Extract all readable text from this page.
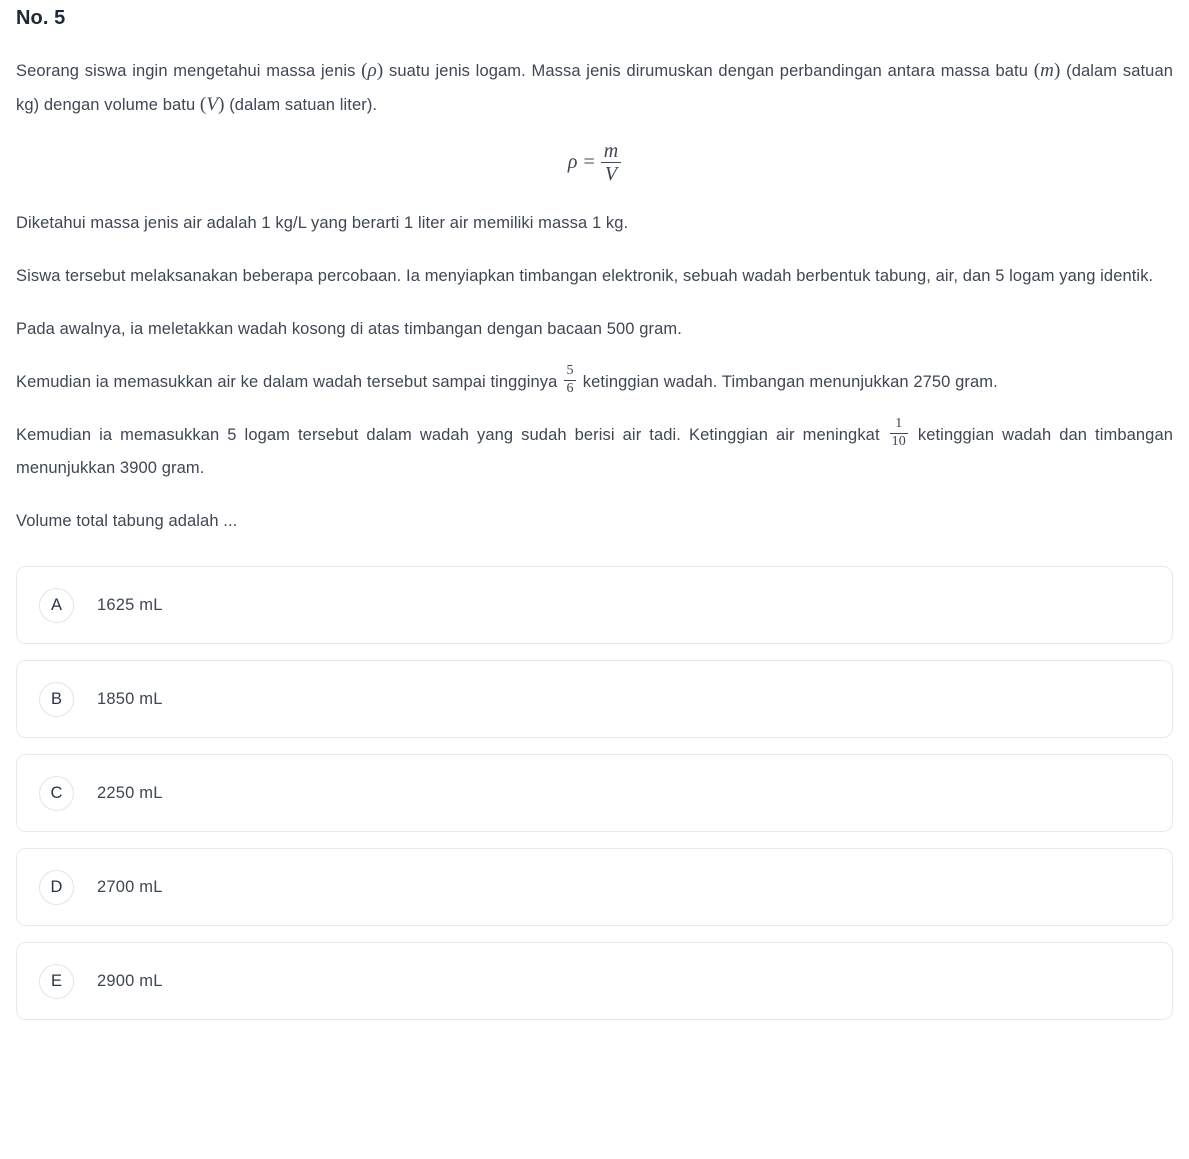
No. 5

Seorang siswa ingin mengetahui massa jenis (ρ) suatu jenis logam. Massa jenis dirumuskan dengan perbandingan antara massa batu (m) (dalam satuan kg) dengan volume batu (V) (dalam satuan liter).

$\rho = \frac{m}{V}$

Diketahui massa jenis air adalah 1 kg/L yang berarti 1 liter air memiliki massa 1 kg.

Siswa tersebut melaksanakan beberapa percobaan. Ia menyiapkan timbangan elektronik, sebuah wadah berbentuk tabung, air, dan 5 logam yang identik.

Pada awalnya, ia meletakkan wadah kosong di atas timbangan dengan bacaan 500 gram.

Kemudian ia memasukkan air ke dalam wadah tersebut sampai tingginya $\frac{5}{6}$ ketinggian wadah. Timbangan menunjukkan 2750 gram.

Kemudian ia memasukkan 5 logam tersebut dalam wadah yang sudah berisi air tadi. Ketinggian air meningkat $\frac{1}{10}$ ketinggian wadah dan timbangan menunjukkan 3900 gram.

Volume total tabung adalah ...

A	1625 mL
B	1850 mL
C	2250 mL
D	2700 mL
E	2900 mL
